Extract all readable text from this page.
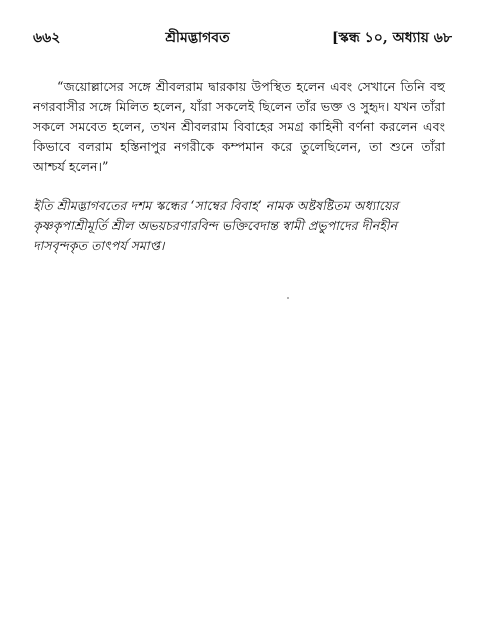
৬৬২	শ্রীমদ্ভাগবত	[স্কন্ধ ১০, অধ্যায় ৬৮

“জয়োল্লাসের সঙ্গে শ্রীবলরাম দ্বারকায় উপস্থিত হলেন এবং সেখানে তিনি বহু নগরবাসীর সঙ্গে মিলিত হলেন, যাঁরা সকলেই ছিলেন তাঁর ভক্ত ও সুহৃদ। যখন তাঁরা সকলে সমবেত হলেন, তখন শ্রীবলরাম বিবাহের সমগ্র কাহিনী বর্ণনা করলেন এবং কিভাবে বলরাম হস্তিনাপুর নগরীকে কম্পমান করে তুলেছিলেন, তা শুনে তাঁরা আশ্চর্য হলেন।”

ইতি শ্রীমদ্ভাগবতের দশম স্কন্ধের ‘সাম্বের বিবাহ’ নামক অষ্টষষ্টিতম অধ্যায়ের কৃষ্ণকৃপাশ্রীমূর্তি শ্রীল অভয়চরণারবিন্দ ভক্তিবেদান্ত স্বামী প্রভুপাদের দীনহীন দাসবৃন্দকৃত তাৎপর্য সমাপ্ত।
